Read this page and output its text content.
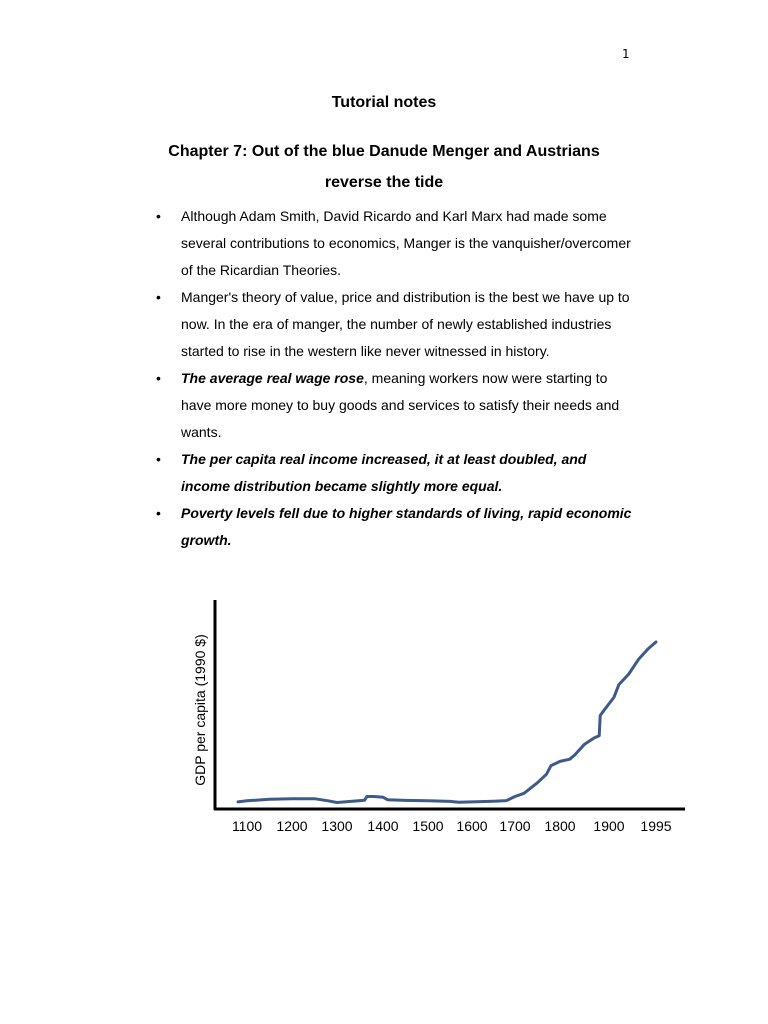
1
Tutorial notes
Chapter 7: Out of the blue Danude Menger and Austrians
reverse the tide
• Although Adam Smith, David Ricardo and Karl Marx had made some several contributions to economics, Manger is the vanquisher/overcomer of the Ricardian Theories.
• Manger's theory of value, price and distribution is the best we have up to now. In the era of manger, the number of newly established industries started to rise in the western like never witnessed in history.
• The average real wage rose, meaning workers now were starting to have more money to buy goods and services to satisfy their needs and wants.
• The per capita real income increased, it at least doubled, and income distribution became slightly more equal.
• Poverty levels fell due to higher standards of living, rapid economic growth.
GDP per capita (1990 $)
1100 1200 1300 1400 1500 1600 1700 1800 1900 1995
